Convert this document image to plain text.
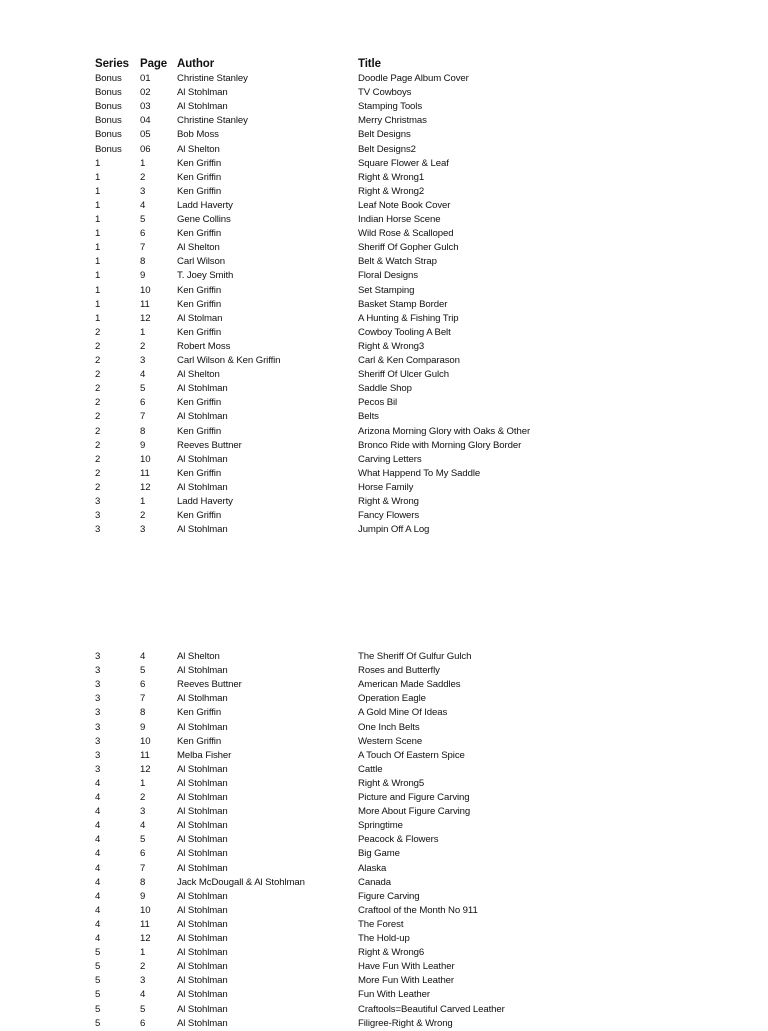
Series Page Author	Title
Bonus 01	Christine Stanley	Doodle Page Album Cover
Bonus 02	Al Stohlman	TV Cowboys
Bonus 03	Al Stohlman	Stamping Tools
Bonus 04	Christine Stanley	Merry Christmas
Bonus 05	Bob Moss	Belt Designs
Bonus 06	Al Shelton	Belt Designs2
1	1	Ken Griffin	Square Flower & Leaf
1	2	Ken Griffin	Right & Wrong1
1	3	Ken Griffin	Right & Wrong2
1	4	Ladd Haverty	Leaf Note Book Cover
1	5	Gene Collins	Indian Horse Scene
1	6	Ken Griffin	Wild Rose & Scalloped
1	7	Al Shelton	Sheriff Of Gopher Gulch
1	8	Carl Wilson	Belt & Watch Strap
1	9	T. Joey Smith	Floral Designs
1	10	Ken Griffin	Set Stamping
1	11	Ken Griffin	Basket Stamp Border
1	12	Al Stolman	A Hunting & Fishing Trip
2	1	Ken Griffin	Cowboy Tooling A Belt
2	2	Robert Moss	Right & Wrong3
2	3	Carl Wilson & Ken Griffin	Carl & Ken Comparason
2	4	Al Shelton	Sheriff Of Ulcer Gulch
2	5	Al Stohlman	Saddle Shop
2	6	Ken Griffin	Pecos Bil
2	7	Al Stohlman	Belts
2	8	Ken Griffin	Arizona Morning Glory with Oaks & Other
2	9	Reeves Buttner	Bronco Ride with Morning Glory Border
2	10	Al Stohlman	Carving Letters
2	11	Ken Griffin	What Happend To My Saddle
2	12	Al Stohlman	Horse Family
3	1	Ladd Haverty	Right & Wrong
3	2	Ken Griffin	Fancy Flowers
3	3	Al Stohlman	Jumpin Off A Log
3	4	Al Shelton	The Sheriff Of Gulfur Gulch
3	5	Al Stohlman	Roses and Butterfly
3	6	Reeves Buttner	American Made Saddles
3	7	Al Stolhman	Operation Eagle
3	8	Ken Griffin	A Gold Mine Of Ideas
3	9	Al Stohlman	One Inch Belts
3	10	Ken Griffin	Western Scene
3	11	Melba Fisher	A Touch Of Eastern Spice
3	12	Al Stohlman	Cattle
4	1	Al Stohlman	Right & Wrong5
4	2	Al Stohlman	Picture and Figure Carving
4	3	Al Stohlman	More About Figure Carving
4	4	Al Stohlman	Springtime
4	5	Al Stohlman	Peacock & Flowers
4	6	Al Stohlman	Big Game
4	7	Al Stohlman	Alaska
4	8	Jack McDougall & Al Stohlman	Canada
4	9	Al Stohlman	Figure Carving
4	10	Al Stohlman	Craftool of the Month No 911
4	11	Al Stohlman	The Forest
4	12	Al Stohlman	The Hold-up
5	1	Al Stohlman	Right & Wrong6
5	2	Al Stohlman	Have Fun With Leather
5	3	Al Stohlman	More Fun With Leather
5	4	Al Stohlman	Fun With Leather
5	5	Al Stohlman	Craftools=Beautiful Carved Leather
5	6	Al Stohlman	Filigree-Right & Wrong
